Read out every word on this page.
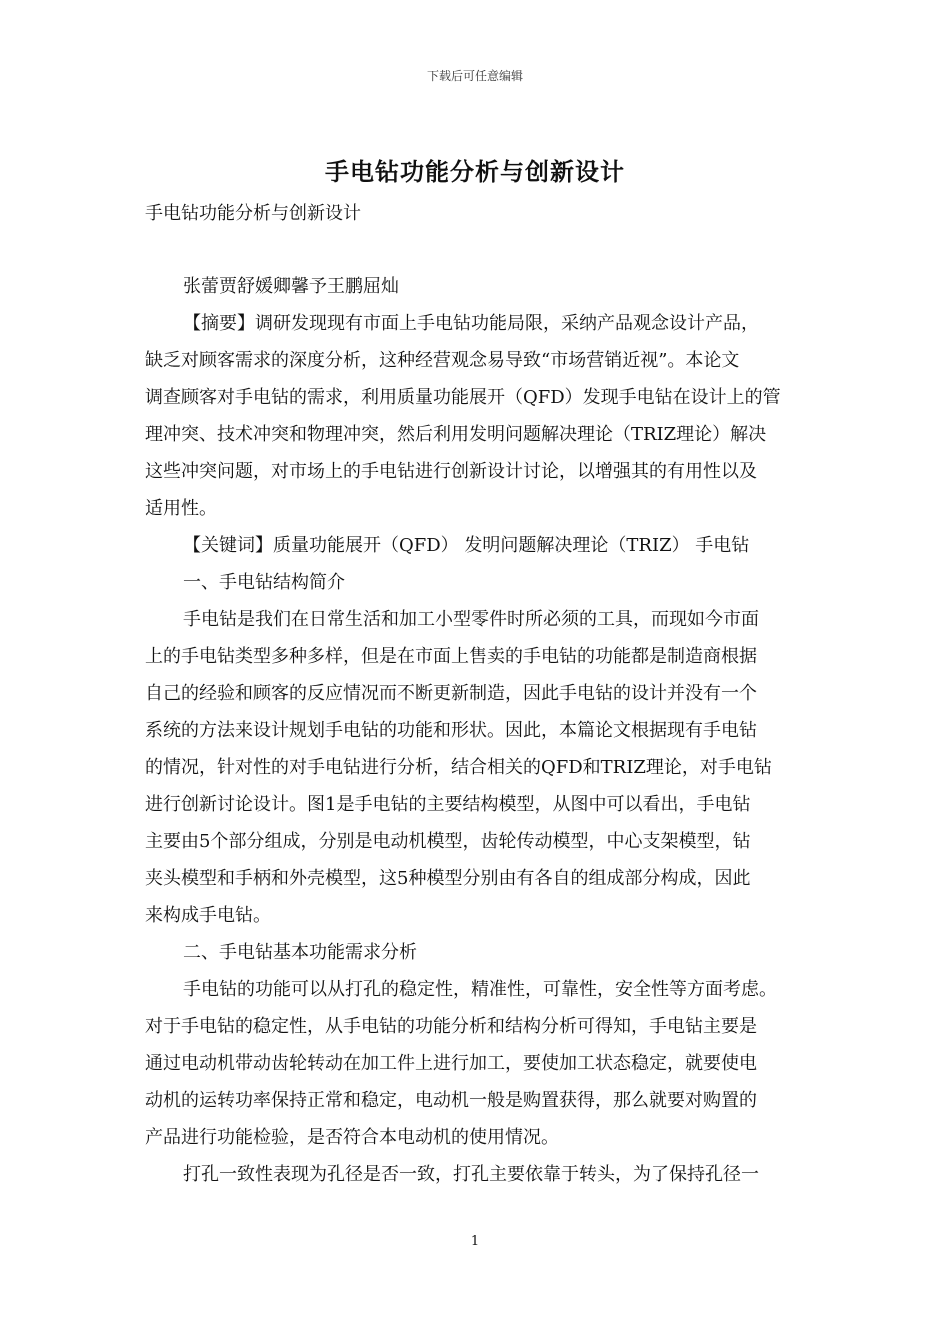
下载后可任意编辑
手电钻功能分析与创新设计
手电钻功能分析与创新设计
张蕾贾舒媛卿馨予王鹏屈灿
【摘要】调研发现现有市面上手电钻功能局限，采纳产品观念设计产品，
缺乏对顾客需求的深度分析，这种经营观念易导致“市场营销近视”。本论文
调查顾客对手电钻的需求，利用质量功能展开（QFD）发现手电钻在设计上的管
理冲突、技术冲突和物理冲突，然后利用发明问题解决理论（TRIZ理论）解决
这些冲突问题，对市场上的手电钻进行创新设计讨论，以增强其的有用性以及
适用性。
【关键词】质量功能展开（QFD） 发明问题解决理论（TRIZ） 手电钻
一、手电钻结构简介
手电钻是我们在日常生活和加工小型零件时所必须的工具，而现如今市面
上的手电钻类型多种多样，但是在市面上售卖的手电钻的功能都是制造商根据
自己的经验和顾客的反应情况而不断更新制造，因此手电钻的设计并没有一个
系统的方法来设计规划手电钻的功能和形状。因此，本篇论文根据现有手电钻
的情况，针对性的对手电钻进行分析，结合相关的QFD和TRIZ理论，对手电钻
进行创新讨论设计。图1是手电钻的主要结构模型，从图中可以看出，手电钻
主要由5个部分组成，分别是电动机模型，齿轮传动模型，中心支架模型，钻
夹头模型和手柄和外壳模型，这5种模型分别由有各自的组成部分构成，因此
来构成手电钻。
二、手电钻基本功能需求分析
手电钻的功能可以从打孔的稳定性，精准性，可靠性，安全性等方面考虑。
对于手电钻的稳定性，从手电钻的功能分析和结构分析可得知，手电钻主要是
通过电动机带动齿轮转动在加工件上进行加工，要使加工状态稳定，就要使电
动机的运转功率保持正常和稳定，电动机一般是购置获得，那么就要对购置的
产品进行功能检验，是否符合本电动机的使用情况。
打孔一致性表现为孔径是否一致，打孔主要依靠于转头，为了保持孔径一
1
